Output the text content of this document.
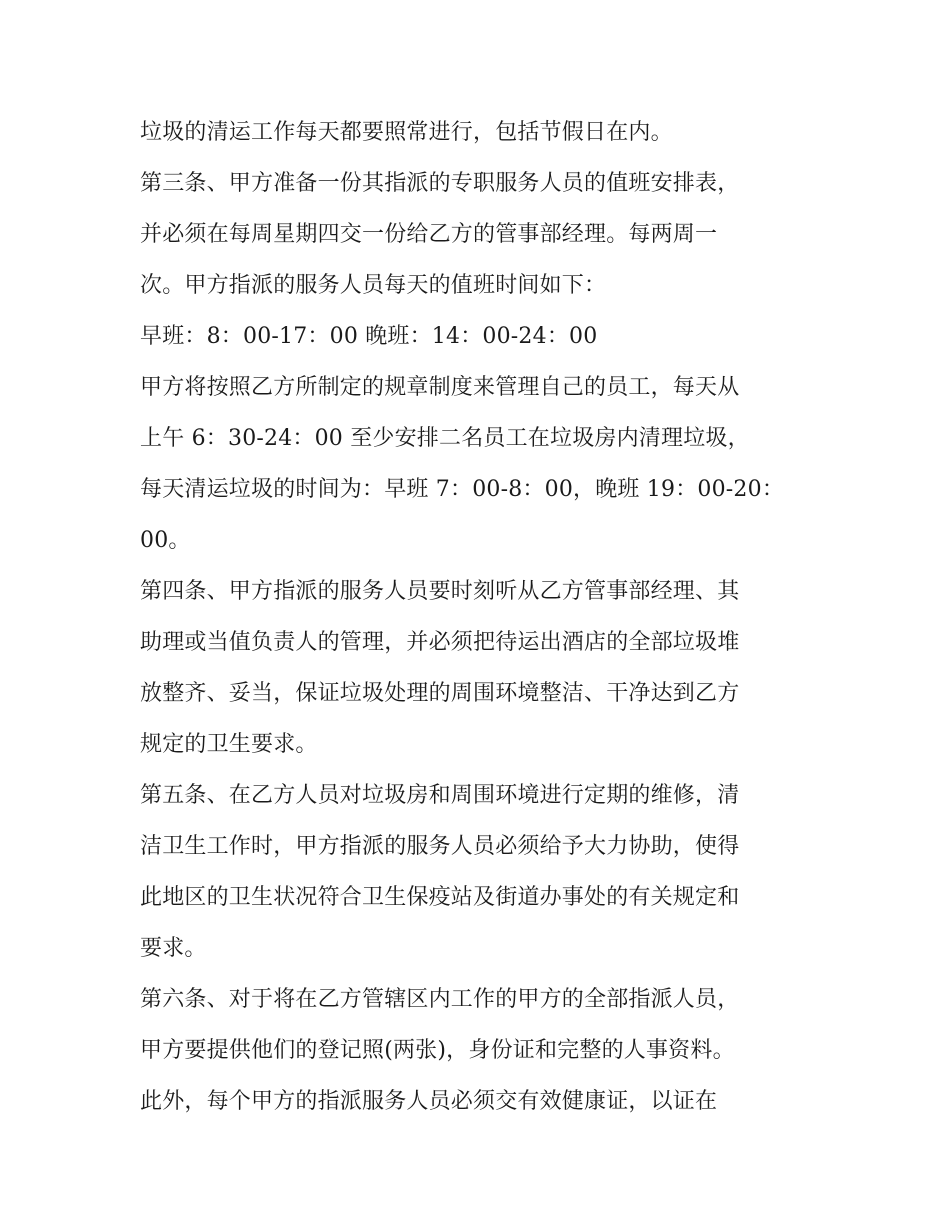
垃圾的清运工作每天都要照常进行，包括节假日在内。
第三条、甲方准备一份其指派的专职服务人员的值班安排表，
并必须在每周星期四交一份给乙方的管事部经理。每两周一
次。甲方指派的服务人员每天的值班时间如下：
早班：8：00-17：00 晚班：14：00-24：00
甲方将按照乙方所制定的规章制度来管理自己的员工，每天从
上午 6：30-24：00 至少安排二名员工在垃圾房内清理垃圾，
每天清运垃圾的时间为：早班 7：00-8：00，晚班 19：00-20：
00。
第四条、甲方指派的服务人员要时刻听从乙方管事部经理、其
助理或当值负责人的管理，并必须把待运出酒店的全部垃圾堆
放整齐、妥当，保证垃圾处理的周围环境整洁、干净达到乙方
规定的卫生要求。
第五条、在乙方人员对垃圾房和周围环境进行定期的维修，清
洁卫生工作时，甲方指派的服务人员必须给予大力协助，使得
此地区的卫生状况符合卫生保疫站及街道办事处的有关规定和
要求。
第六条、对于将在乙方管辖区内工作的甲方的全部指派人员，
甲方要提供他们的登记照(两张)，身份证和完整的人事资料。
此外，每个甲方的指派服务人员必须交有效健康证，以证在
